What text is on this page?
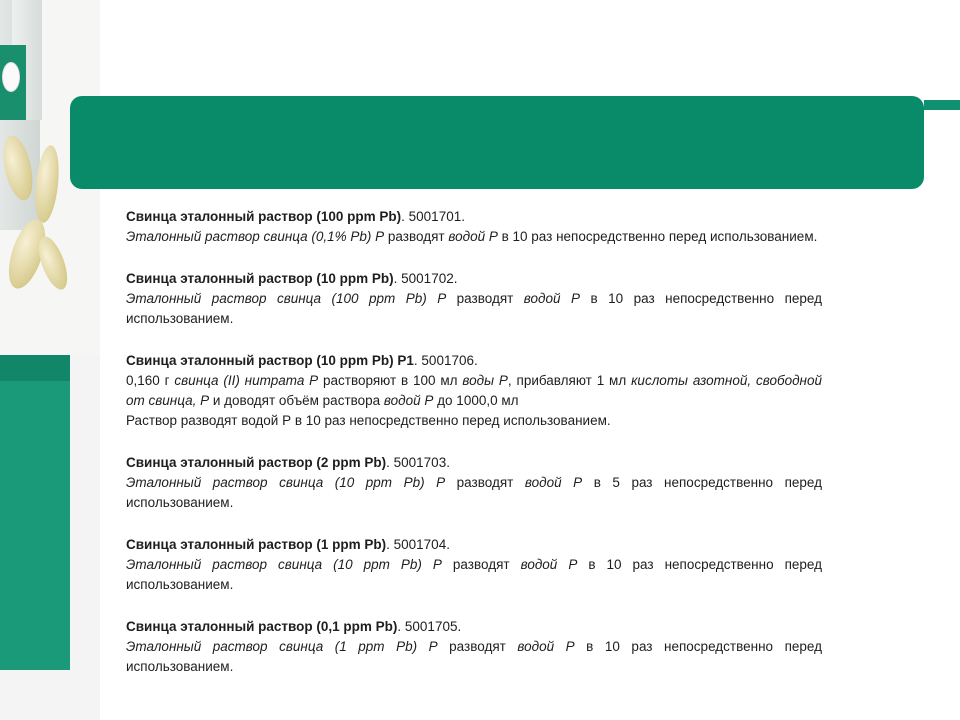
Свинца эталонный раствор (100 ppm Pb). 5001701.
Эталонный раствор свинца (0,1% Pb) P разводят водой P в 10 раз непосредственно перед использованием.
Свинца эталонный раствор (10 ppm Pb). 5001702.
Эталонный раствор свинца (100 ppm Pb) P разводят водой P в 10 раз непосредственно перед использованием.
Свинца эталонный раствор (10 ppm Pb) P1. 5001706.
0,160 г свинца (II) нитрата P растворяют в 100 мл воды P, прибавляют 1 мл кислоты азотной, свободной от свинца, P и доводят объём раствора водой P до 1000,0 мл
Раствор разводят водой Р в 10 раз непосредственно перед использованием.
Свинца эталонный раствор (2 ppm Pb). 5001703.
Эталонный раствор свинца (10 ppm Pb) P разводят водой P в 5 раз непосредственно перед использованием.
Свинца эталонный раствор (1 ppm Pb). 5001704.
Эталонный раствор свинца (10 ppm Pb) P разводят водой P в 10 раз непосредственно перед использованием.
Свинца эталонный раствор (0,1 ppm Pb). 5001705.
Эталонный раствор свинца (1 ppm Pb) P разводят водой P в 10 раз непосредственно перед использованием.
